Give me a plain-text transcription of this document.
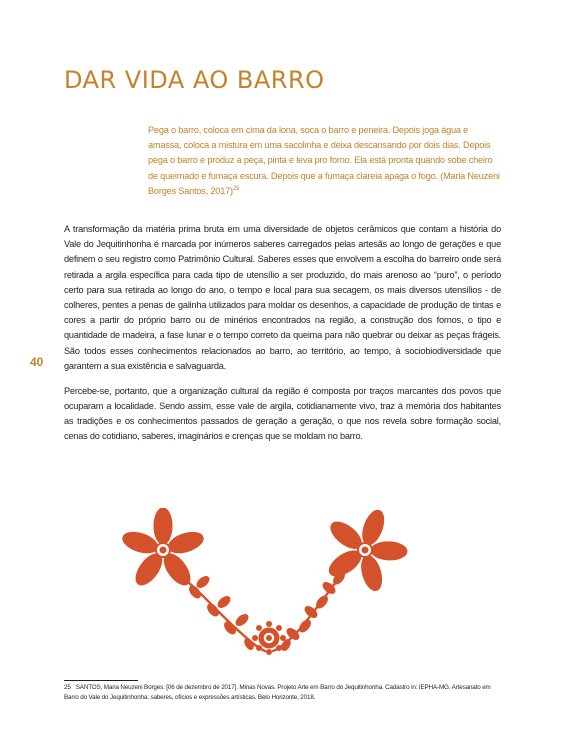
DAR VIDA AO BARRO
Pega o barro, coloca em cima da lona, soca o barro e peneira. Depois joga água e amassa, coloca a mistura em uma sacolinha e deixa descansando por dois dias. Depois pega o barro e produz a peça, pinta e leva pro forno. Ela está pronta quando sobe cheiro de queimado e fumaça escura. Depois que a fumaça clareia apaga o fogo. (Maria Neuzeni Borges Santos, 2017)$^{25}$
40

A transformação da matéria prima bruta em uma diversidade de objetos cerâmicos que contam a história do Vale do Jequitinhonha é marcada por inúmeros saberes carregados pelas artesãs ao longo de gerações e que definem o seu registro como Patrimônio Cultural. Saberes esses que envolvem a escolha do barreiro onde será retirada a argila específica para cada tipo de utensílio a ser produzido, do mais arenoso ao “puro”, o período certo para sua retirada ao longo do ano, o tempo e local para sua secagem, os mais diversos utensílios - de colheres, pentes a penas de galinha utilizados para moldar os desenhos, a capacidade de produção de tintas e cores a partir do próprio barro ou de minérios encontrados na região, a construção dos fornos, o tipo e quantidade de madeira, a fase lunar e o tempo correto da queima para não quebrar ou deixar as peças frágeis. São todos esses conhecimentos relacionados ao barro, ao território, ao tempo, à sociobiodiversidade que garantem a sua existência e salvaguarda.

Percebe-se, portanto, que a organização cultural da região é composta por traços marcantes dos povos que ocuparam a localidade. Sendo assim, esse vale de argila, cotidianamente vivo, traz à memória dos habitantes as tradições e os conhecimentos passados de geração a geração, o que nos revela sobre formação social, cenas do cotidiano, saberes, imaginários e crenças que se moldam no barro.

25 SANTOS, Maria Neuzeni Borges. [06 de dezembro de 2017]. Minas Novas. Projeto Arte em Barro do Jequitinhonha. Cadastro in: IEPHA-MG. Artesanato em Barro do Vale do Jequitinhonha: saberes, ofícios e expressões artísticas. Belo Horizonte, 2018.
